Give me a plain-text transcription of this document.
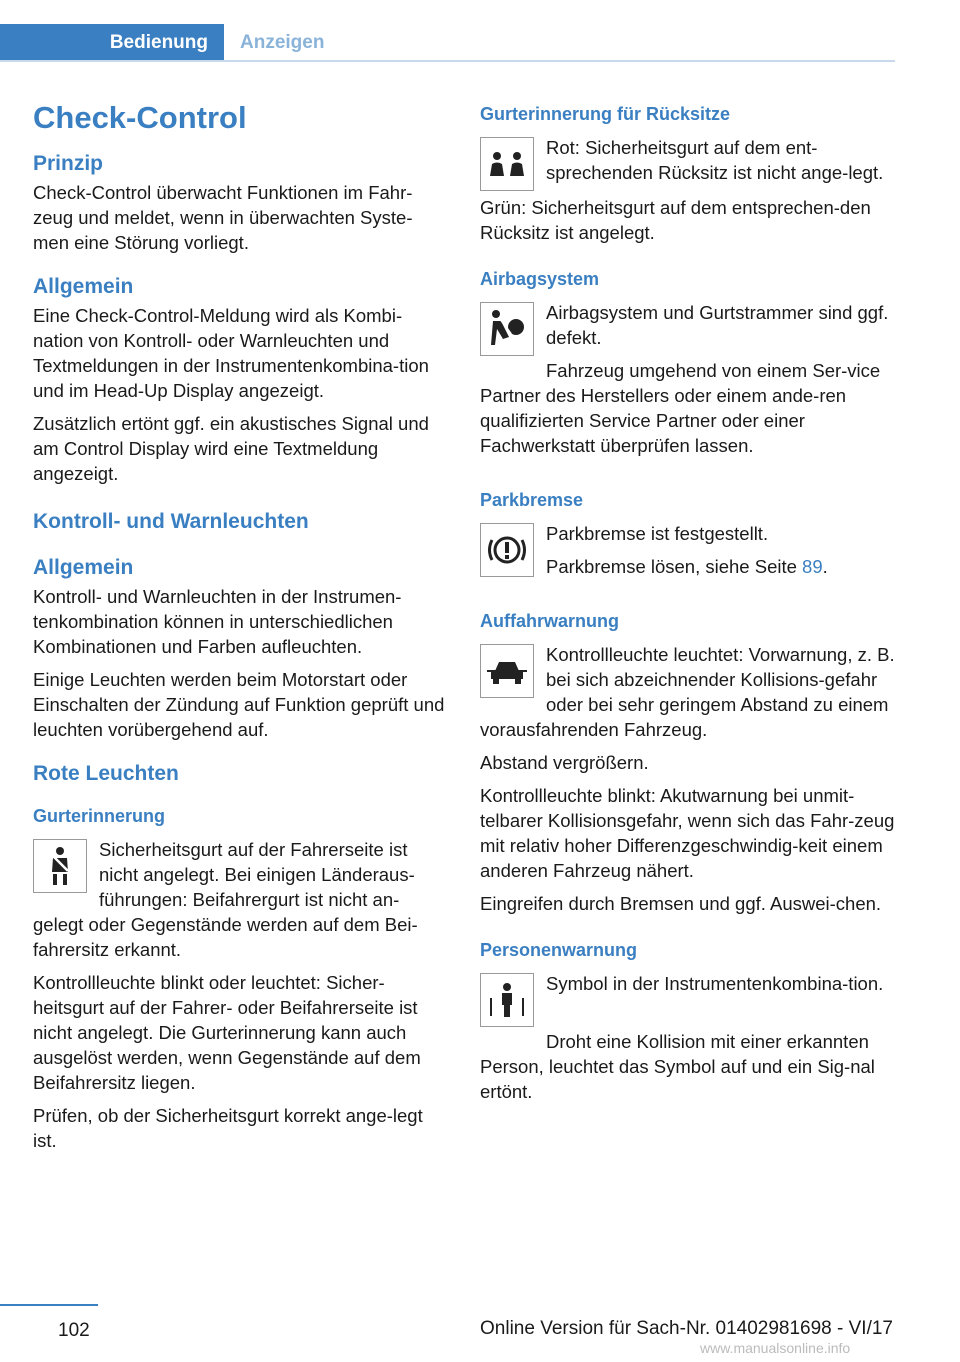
Bedienung	Anzeigen
Check-Control
Prinzip

Check-Control überwacht Funktionen im Fahr-zeug und meldet, wenn in überwachten Syste-men eine Störung vorliegt.

Allgemein

Eine Check-Control-Meldung wird als Kombi-nation von Kontroll- oder Warnleuchten und Textmeldungen in der Instrumentenkombina-tion und im Head-Up Display angezeigt.

Zusätzlich ertönt ggf. ein akustisches Signal und am Control Display wird eine Textmeldung angezeigt.

Kontroll- und Warnleuchten
Allgemein

Kontroll- und Warnleuchten in der Instrumen-tenkombination können in unterschiedlichen Kombinationen und Farben aufleuchten.

Einige Leuchten werden beim Motorstart oder Einschalten der Zündung auf Funktion geprüft und leuchten vorübergehend auf.

Rote Leuchten
Gurterinnerung

Sicherheitsgurt auf der Fahrerseite ist nicht angelegt. Bei einigen Länderaus-führungen: Beifahrergurt ist nicht an-gelegt oder Gegenstände werden auf dem Bei-fahrersitz erkannt.

Kontrollleuchte blinkt oder leuchtet: Sicher-heitsgurt auf der Fahrer- oder Beifahrerseite ist nicht angelegt. Die Gurterinnerung kann auch ausgelöst werden, wenn Gegenstände auf dem Beifahrersitz liegen.

Prüfen, ob der Sicherheitsgurt korrekt ange-legt ist.

Gurterinnerung für Rücksitze

Rot: Sicherheitsgurt auf dem ent-sprechenden Rücksitz ist nicht ange-legt.

Grün: Sicherheitsgurt auf dem entsprechen-den Rücksitz ist angelegt.

Airbagsystem

Airbagsystem und Gurtstrammer sind ggf. defekt.

Fahrzeug umgehend von einem Ser-vice Partner des Herstellers oder einem ande-ren qualifizierten Service Partner oder einer Fachwerkstatt überprüfen lassen.

Parkbremse

Parkbremse ist festgestellt.

Parkbremse lösen, siehe Seite 89.

Auffahrwarnung

Kontrollleuchte leuchtet: Vorwarnung, z. B. bei sich abzeichnender Kollisions-gefahr oder bei sehr geringem Abstand zu einem vorausfahrenden Fahrzeug.

Abstand vergrößern.

Kontrollleuchte blinkt: Akutwarnung bei unmit-telbarer Kollisionsgefahr, wenn sich das Fahr-zeug mit relativ hoher Differenzgeschwindig-keit einem anderen Fahrzeug nähert.

Eingreifen durch Bremsen und ggf. Auswei-chen.

Personenwarnung

Symbol in der Instrumentenkombina-tion.

Droht eine Kollision mit einer erkannten Person, leuchtet das Symbol auf und ein Sig-nal ertönt.

102	Online Version für Sach-Nr. 01402981698 - VI/17
www.manualsonline.info
